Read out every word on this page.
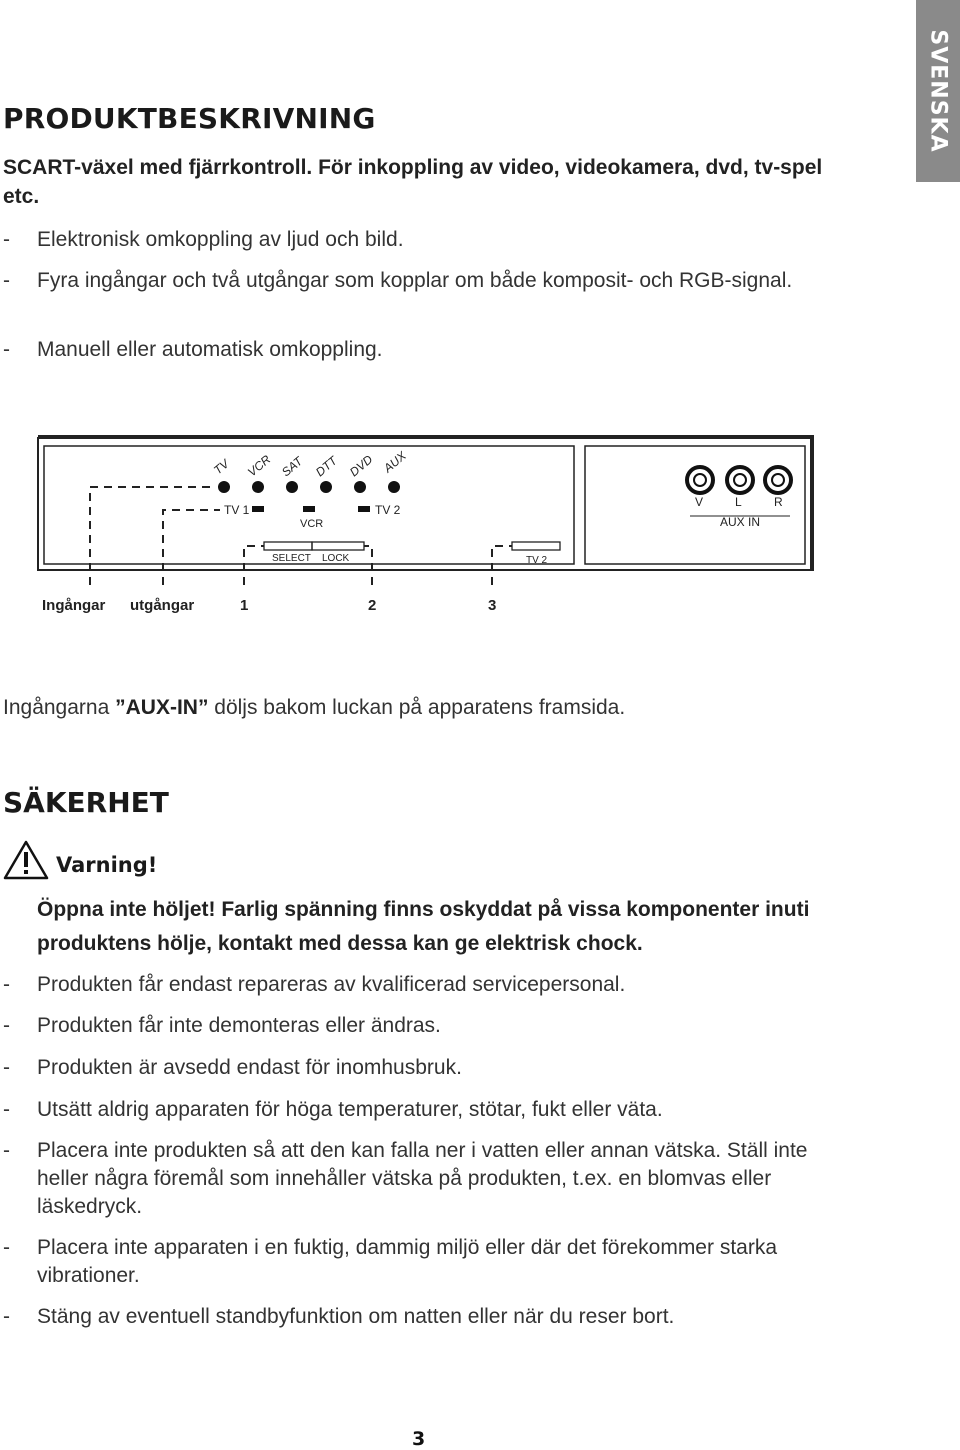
SVENSKA
PRODUKTBESKRIVNING
SCART-växel med fjärrkontroll. För inkoppling av video, videokamera, dvd, tv-spel etc.
- Elektronisk omkoppling av ljud och bild.
- Fyra ingångar och två utgångar som kopplar om både komposit- och RGB-signal.
- Manuell eller automatisk omkoppling.
TV VCR SAT DTT DVD AUX
TV 1
VCR
TV 2
SELECT LOCK	TV 2
V	L	R
AUX IN
Ingångar utgångar	1	2	3
Ingångarna ”AUX-IN” döljs bakom luckan på apparatens framsida.
SÄKERHET
Varning!
Öppna inte höljet! Farlig spänning finns oskyddat på vissa komponenter inuti produktens hölje, kontakt med dessa kan ge elektrisk chock.
- Produkten får endast repareras av kvalificerad servicepersonal.
- Produkten får inte demonteras eller ändras.
- Produkten är avsedd endast för inomhusbruk.
- Utsätt aldrig apparaten för höga temperaturer, stötar, fukt eller väta.
- Placera inte produkten så att den kan falla ner i vatten eller annan vätska. Ställ inte heller några föremål som innehåller vätska på produkten, t.ex. en blomvas eller läskedryck.
- Placera inte apparaten i en fuktig, dammig miljö eller där det förekommer starka vibrationer.
- Stäng av eventuell standbyfunktion om natten eller när du reser bort.
3
